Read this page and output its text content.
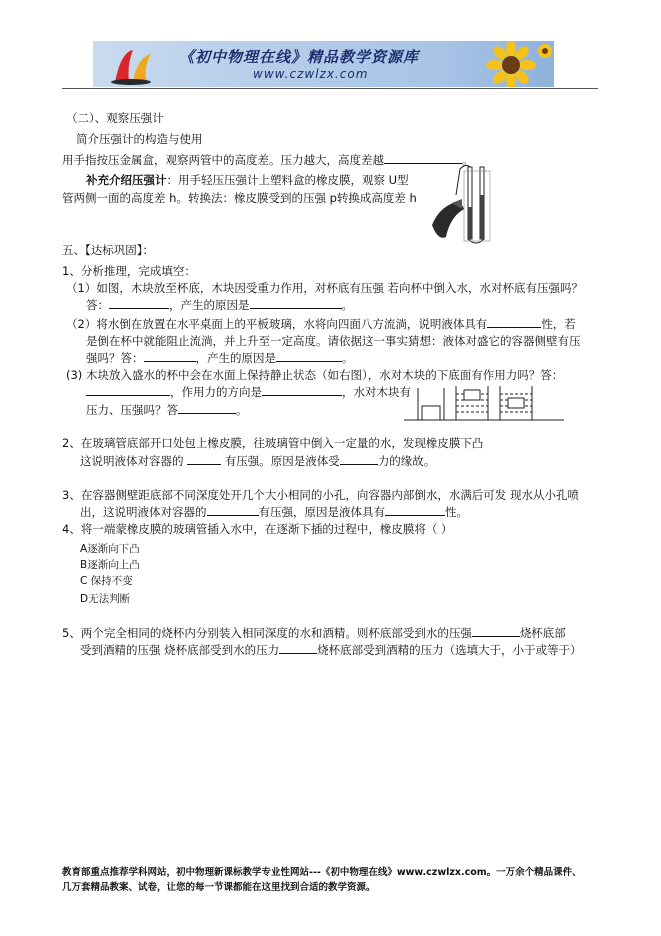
《初中物理在线》精品教学资源库
www.czwlzx.com
（二）、观察压强计
简介压强计的构造与使用
用手指按压金属盒，观察两管中的高度差。压力越大，高度差越	。
补充介绍压强计：用手轻压压强计上塑料盒的橡皮膜，观察 U型
管两侧一面的高度差 h。转换法：橡皮膜受到的压强 p转换成高度差 h
五、【达标巩固】：
1、分析推理，完成填空：
（1）如图，木块放至杯底，木块因受重力作用，对杯底有压强 若向杯中倒入水，水对杯底有压强吗？
答：	，产生的原因是	。
（2）将水倒在放置在水平桌面上的平板玻璃，水将向四面八方流淌，说明液体具有	性，若
是倒在杯中就能阻止流淌，并上升至一定高度。请依据这一事实猜想：液体对盛它的容器侧壁有压
强吗？答：	，产生的原因是	。
(3) 木块放入盛水的杯中会在水面上保持静止状态（如右图），水对木块的下底面有作用力吗？答：
，作用力的方向是	，水对木块有
压力、压强吗？答	。
2、在玻璃管底部开口处包上橡皮膜，往玻璃管中倒入一定量的水，发现橡皮膜下凸
这说明液体对容器的	有压强。原因是液体受	力的缘故。
3、在容器侧壁距底部不同深度处开几个大小相同的小孔，向容器内部倒水，水满后可发 现水从小孔喷
出，这说明液体对容器的	有压强，原因是液体具有	性。
4、将一端蒙橡皮膜的玻璃管插入水中，在逐渐下插的过程中，橡皮膜将（ ）
A逐渐向下凸
B逐渐向上凸
C 保持不变
D无法判断
5、两个完全相同的烧杯内分别装入相同深度的水和酒精。则杯底部受到水的压强	烧杯底部
受到酒精的压强 烧杯底部受到水的压力	烧杯底部受到酒精的压力（选填大于，小于或等于）
教育部重点推荐学科网站，初中物理新课标教学专业性网站---《初中物理在线》www.czwlzx.com。一万余个精品课件、
几万套精品教案、试卷，让您的每一节课都能在这里找到合适的教学资源。
